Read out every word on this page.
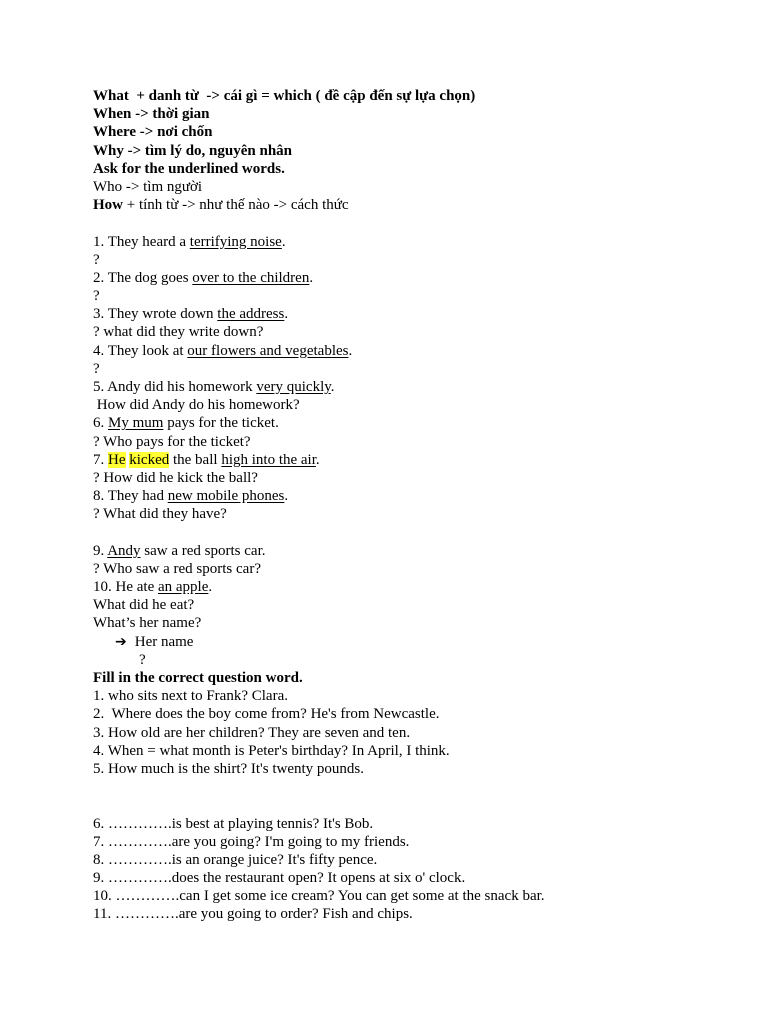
What  + danh từ  -> cái gì = which ( đề cập đến sự lựa chọn)
When -> thời gian
Where -> nơi chốn
Why -> tìm lý do, nguyên nhân
Ask for the underlined words.
Who -> tìm người
How + tính từ -> như thế nào -> cách thức
1. They heard a terrifying noise.
?
2. The dog goes over to the children.
?
3. They wrote down the address.
? what did they write down?
4. They look at our flowers and vegetables.
?
5. Andy did his homework very quickly.
How did Andy do his homework?
6. My mum pays for the ticket.
? Who pays for the ticket?
7. He kicked the ball high into the air.
? How did he kick the ball?
8. They had new mobile phones.
? What did they have?
9. Andy saw a red sports car.
? Who saw a red sports car?
10. He ate an apple.
What did he eat?
What’s her name?
➔ Her name
?
Fill in the correct question word.
1. who sits next to Frank? Clara.
2.  Where does the boy come from? He's from Newcastle.
3. How old are her children? They are seven and ten.
4. When = what month is Peter's birthday? In April, I think.
5. How much is the shirt? It's twenty pounds.
6. ………….is best at playing tennis? It's Bob.
7. ………….are you going? I'm going to my friends.
8. ………….is an orange juice? It's fifty pence.
9. ………….does the restaurant open? It opens at six o' clock.
10. ………….can I get some ice cream? You can get some at the snack bar.
11. ………….are you going to order? Fish and chips.
